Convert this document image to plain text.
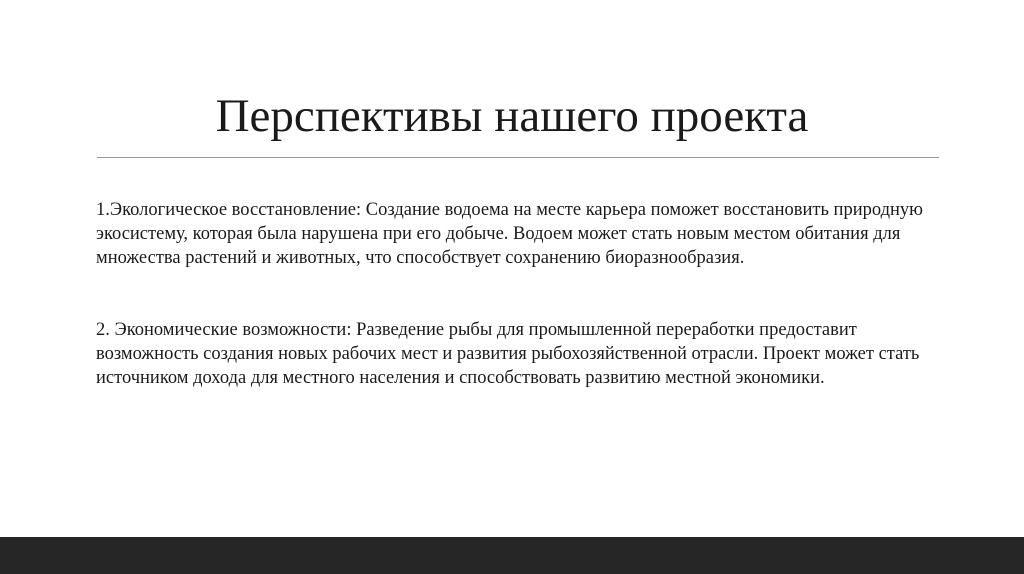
Перспективы нашего проекта

1.Экологическое восстановление: Создание водоема на месте карьера поможет восстановить природную экосистему, которая была нарушена при его добыче. Водоем может стать новым местом обитания для множества растений и животных, что способствует сохранению биоразнообразия.

2. Экономические возможности: Разведение рыбы для промышленной переработки предоставит возможность создания новых рабочих мест и развития рыбохозяйственной отрасли. Проект может стать источником дохода для местного населения и способствовать развитию местной экономики.
